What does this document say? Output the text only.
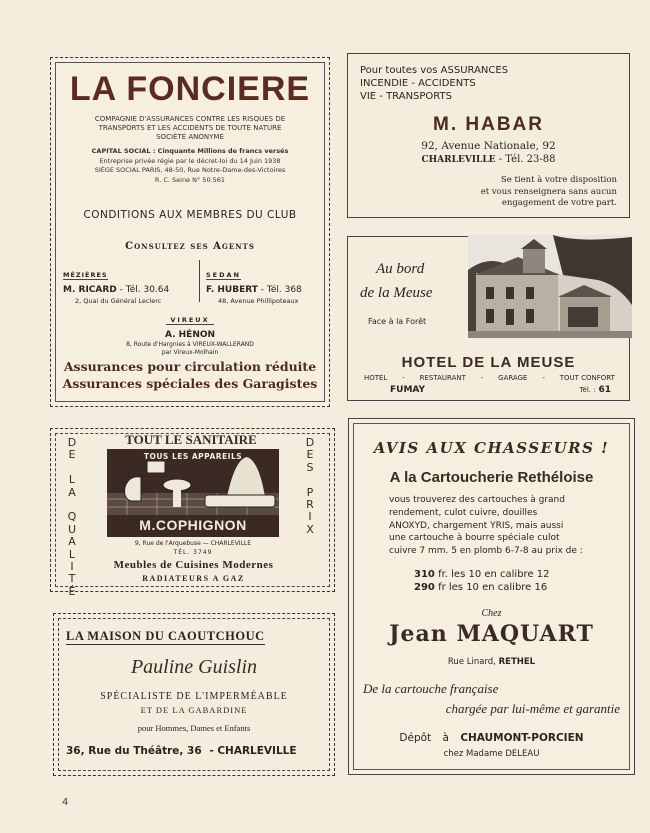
LA FONCIERE
COMPAGNIE D'ASSURANCES CONTRE LES RISQUES DE
TRANSPORTS ET LES ACCIDENTS DE TOUTE NATURE
SOCIÉTÉ ANONYME
CAPITAL SOCIAL : Cinquante Millions de francs versés
Entreprise privée régie par le décret-loi du 14 Juin 1938
SIÈGE SOCIAL PARIS, 48-50, Rue Notre-Dame-des-Victoires
R. C. Seine N° 50.561
CONDITIONS AUX MEMBRES DU CLUB
Consultez ses Agents
MÉZIÈRES
M. RICARD - Tél. 30.64
2, Quai du Général Leclerc
SEDAN
F. HUBERT - Tél. 368
48, Avenue Phillipoteaux
VIREUX
A. HÉNON
8, Route d'Hargnies à VIREUX-WALLERAND
par Vireux-Molhain
Assurances pour circulation réduite
Assurances spéciales des Garagistes
Pour toutes vos ASSURANCES
INCENDIE - ACCIDENTS
VIE - TRANSPORTS
M. HABAR
92, Avenue Nationale, 92
CHARLEVILLE - Tél. 23-88
Se tient à votre disposition
et vous renseignera sans aucun
engagement de votre part.
Au bord
de la Meuse
Face à la Forêt
HOTEL DE LA MEUSE
HOTEL - RESTAURANT - GARAGE - TOUT CONFORT
FUMAY	Tél. : 61
D
E

L
A

Q
U
A
L
I
T
É
D
E
S

P
R
I
X
TOUT LE SANITAIRE
TOUS LES APPAREILS
M.COPHIGNON
9, Rue de l'Arquebuse — CHARLEVILLE
TÉL. 3749
Meubles de Cuisines Modernes
RADIATEURS A GAZ
LA MAISON DU CAOUTCHOUC
Pauline Guislin
SPÉCIALISTE DE L'IMPERMÉABLE
ET DE LA GABARDINE
pour Hommes, Dames et Enfants
36, Rue du Théâtre, 36 - CHARLEVILLE
AVIS AUX CHASSEURS !
A la Cartoucherie Rethéloise
vous trouverez des cartouches à grand
rendement, culot cuivre, douilles
ANOXYD, chargement YRIS, mais aussi
une cartouche à bourre spéciale culot
cuivre 7 mm. 5 en plomb 6-7-8 au prix de :
310 fr. les 10 en calibre 12
290 fr les 10 en calibre 16
Chez
Jean MAQUART
Rue Linard, RETHEL
De la cartouche française
chargée par lui-même et garantie
Dépôt à CHAUMONT-PORCIEN
chez Madame DELEAU
4
